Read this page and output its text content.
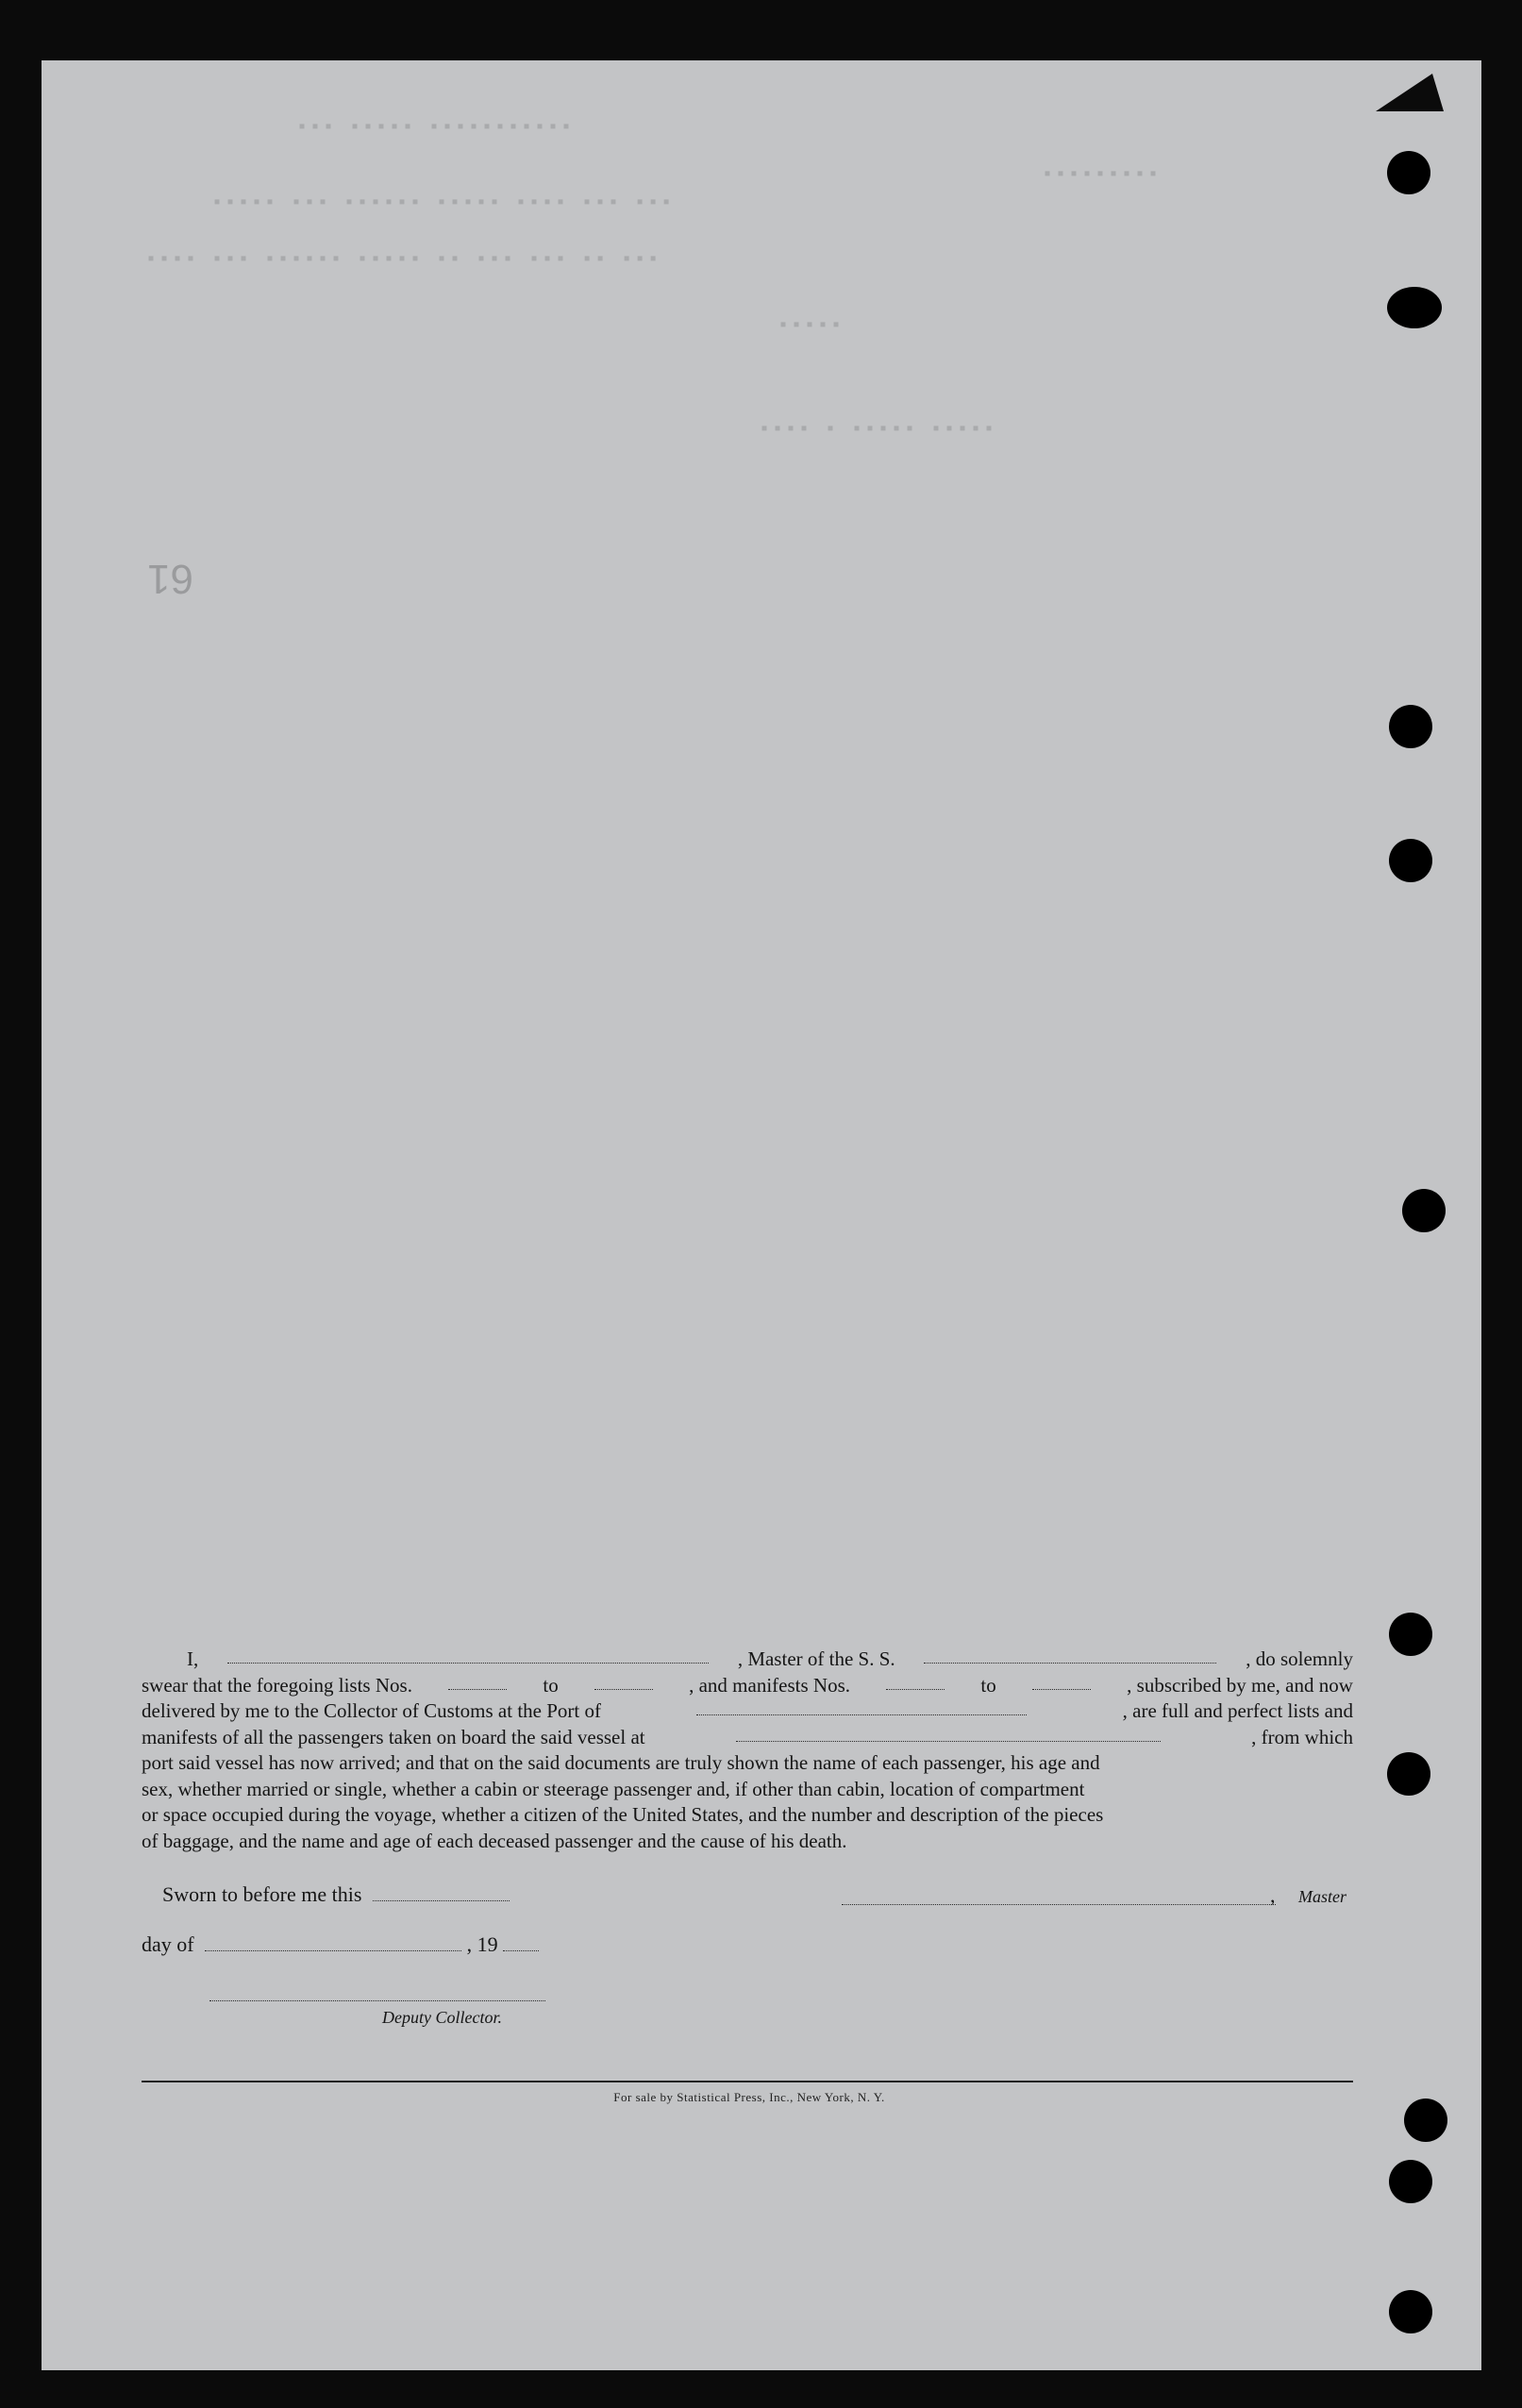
▪▪▪ ▪▪▪▪▪ ▪▪▪▪▪▪▪▪▪▪▪
▪▪▪▪▪ ▪▪▪ ▪▪▪▪▪▪ ▪▪▪▪▪ ▪▪▪▪ ▪▪▪ ▪▪▪
▪▪▪▪ ▪▪▪ ▪▪▪▪▪▪ ▪▪▪▪▪ ▪▪ ▪▪▪ ▪▪▪ ▪▪ ▪▪▪
▪▪▪▪▪
▪▪▪▪ ▪ ▪▪▪▪▪ ▪▪▪▪▪
▪▪▪▪▪▪▪▪▪
61
I,	, Master of the S. S.	, do solemnly
swear that the foregoing lists Nos.	to	, and manifests Nos.	to	, subscribed by me, and now
delivered by me to the Collector of Customs at the Port of	, are full and perfect lists and
manifests of all the passengers taken on board the said vessel at	, from which
port said vessel has now arrived; and that on the said documents are truly shown the name of each passenger, his age and
sex, whether married or single, whether a cabin or steerage passenger and, if other than cabin, location of compartment
or space occupied during the voyage, whether a citizen of the United States, and the number and description of the pieces
of baggage, and the name and age of each deceased passenger and the cause of his death.
Sworn to before me this	, Master
day of	, 19
Deputy Collector.
For sale by Statistical Press, Inc., New York, N. Y.
